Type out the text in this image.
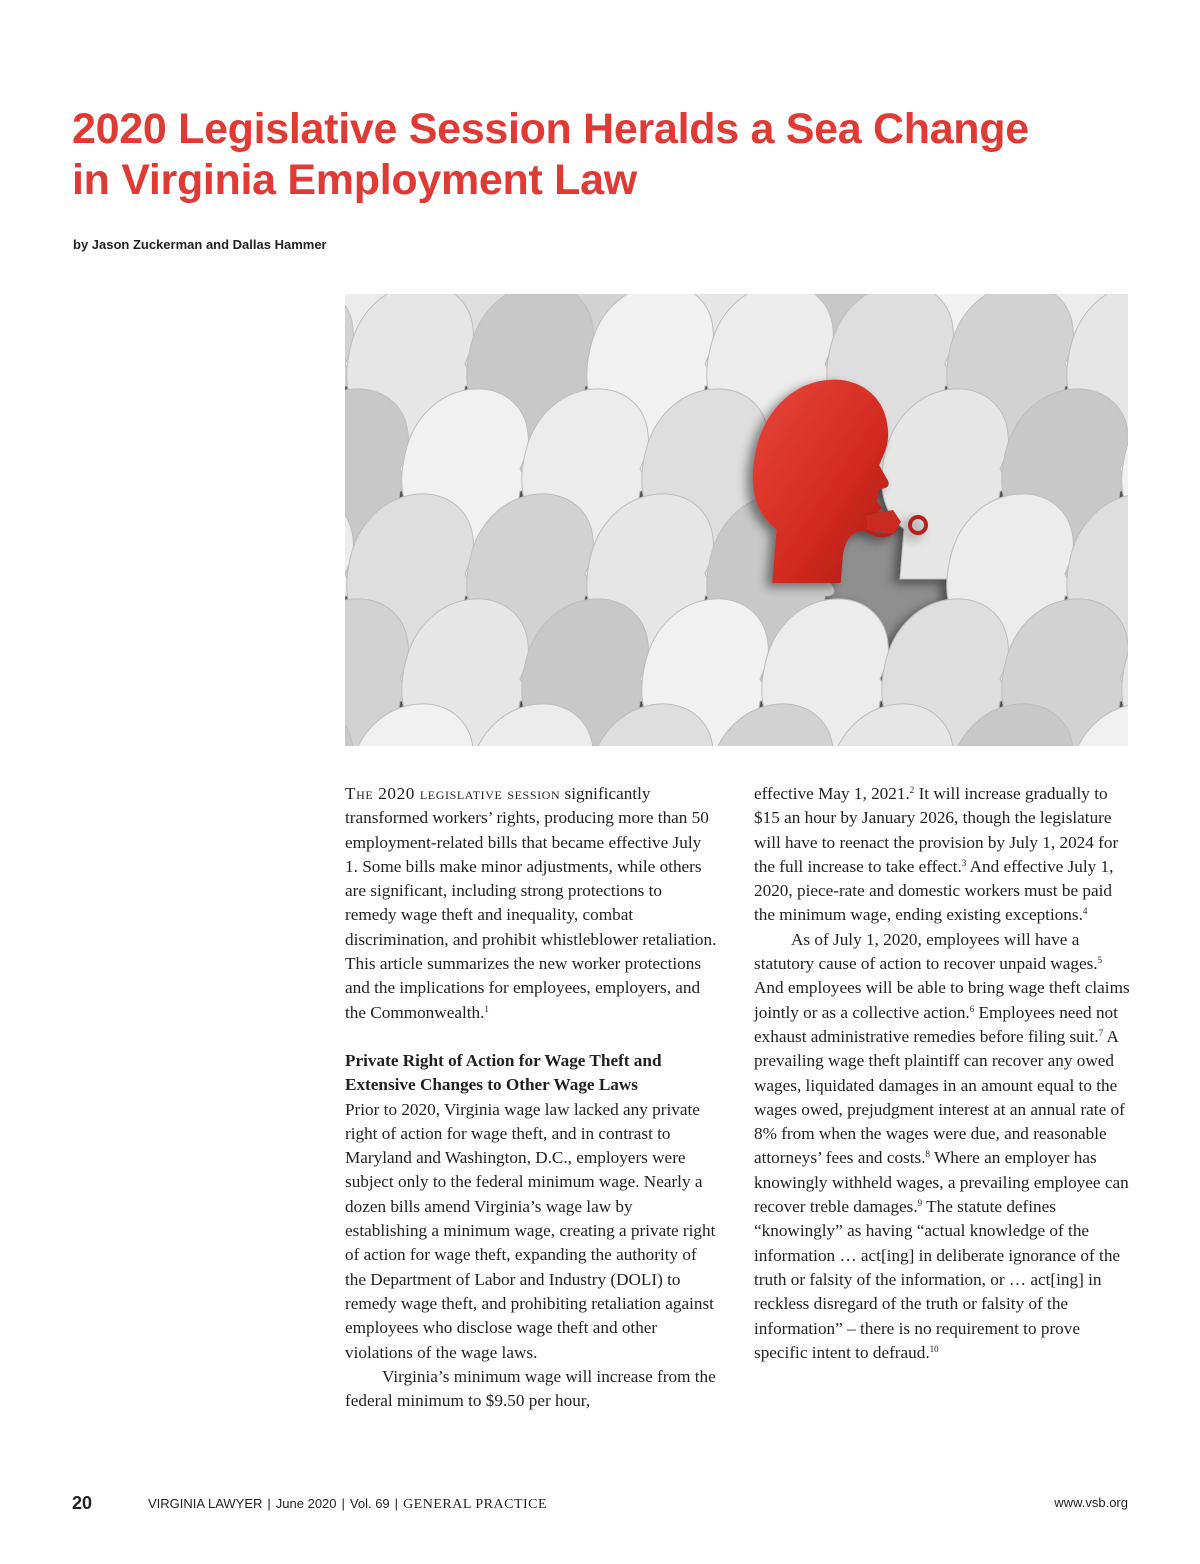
2020 Legislative Session Heralds a Sea Change
in Virginia Employment Law
by Jason Zuckerman and Dallas Hammer

The 2020 legislative session significantly transformed workers’ rights, producing more than 50 employment-related bills that became effective July 1. Some bills make minor adjustments, while others are significant, including strong protections to remedy wage theft and inequality, combat discrimination, and prohibit whistleblower retaliation. This article summarizes the new worker protections and the implications for employees, employers, and the Commonwealth.$^1$

Private Right of Action for Wage Theft and
Extensive Changes to Other Wage Laws

Prior to 2020, Virginia wage law lacked any private right of action for wage theft, and in contrast to Maryland and Washington, D.C., employers were subject only to the federal minimum wage. Nearly a dozen bills amend Virginia’s wage law by establishing a minimum wage, creating a private right of action for wage theft, expanding the authority of the Department of Labor and Industry (DOLI) to remedy wage theft, and prohibiting retaliation against employees who disclose wage theft and other violations of the wage laws.

Virginia’s minimum wage will increase from the federal minimum to $9.50 per hour,

effective May 1, 2021.$^2$ It will increase gradually to $15 an hour by January 2026, though the legislature will have to reenact the provision by July 1, 2024 for the full increase to take effect.$^3$ And effective July 1, 2020, piece-rate and domestic workers must be paid the minimum wage, ending existing exceptions.$^4$

As of July 1, 2020, employees will have a statutory cause of action to recover unpaid wages.$^5$ And employees will be able to bring wage theft claims jointly or as a collective action.$^6$ Employees need not exhaust administrative remedies before filing suit.$^7$ A prevailing wage theft plaintiff can recover any owed wages, liquidated damages in an amount equal to the wages owed, prejudgment interest at an annual rate of 8% from when the wages were due, and reasonable attorneys’ fees and costs.$^8$ Where an employer has knowingly withheld wages, a prevailing employee can recover treble damages.$^9$ The statute defines “knowingly” as having “actual knowledge of the information … act[ing] in deliberate ignorance of the truth or falsity of the information, or … act[ing] in reckless disregard of the truth or falsity of the information” – there is no requirement to prove specific intent to defraud.$^{10}$

20	VIRGINIA LAWYER | June 2020 | Vol. 69 | GENERAL PRACTICE	www.vsb.org
